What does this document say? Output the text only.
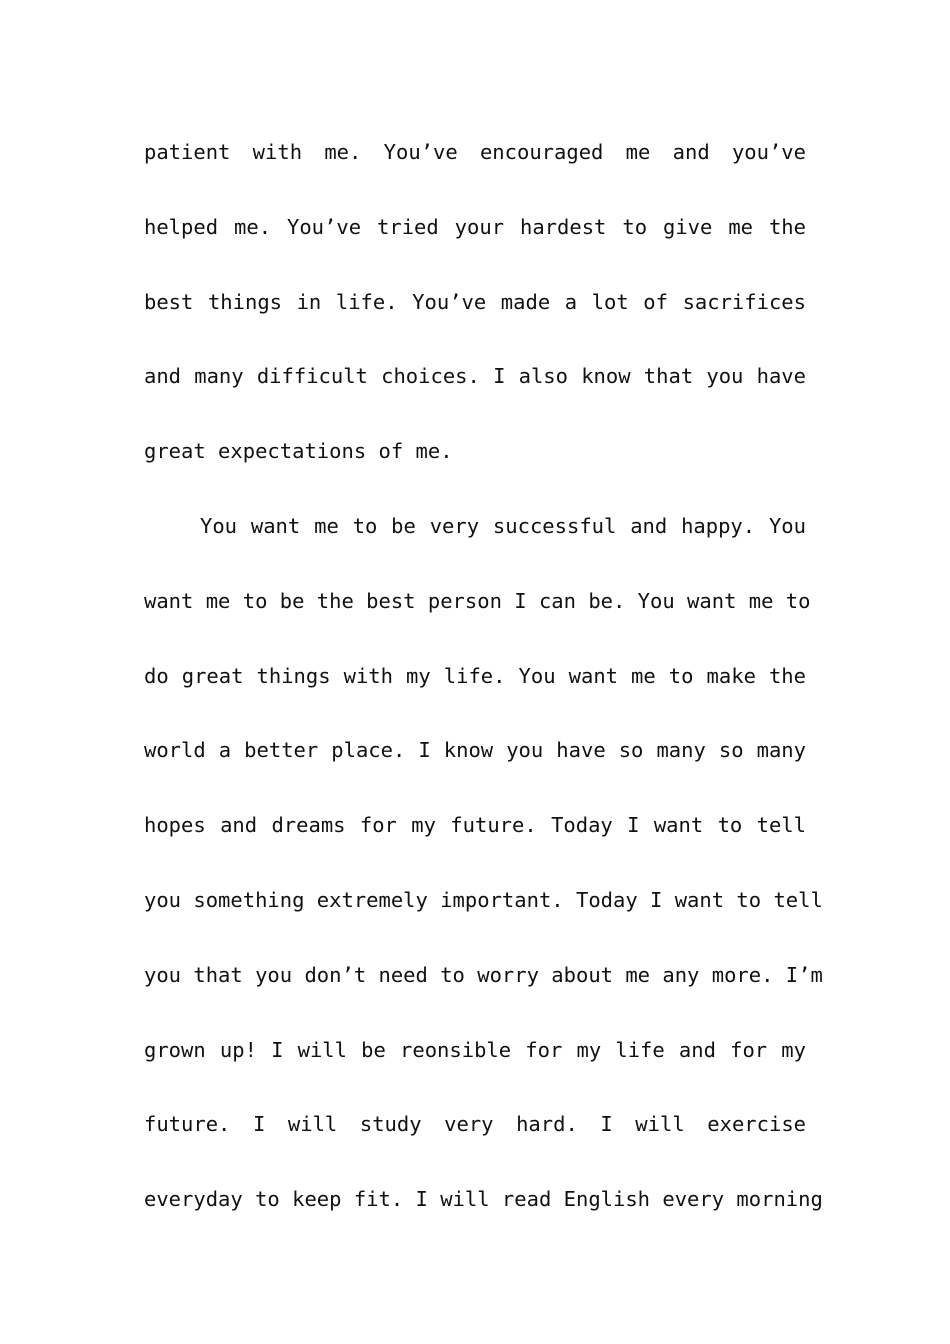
patient with me. You’ve encouraged me and you’ve
helped me. You’ve tried your hardest to give me the
best things in life. You’ve made a lot of sacrifices
and many difficult choices. I also know that you have
great expectations of me.
You want me to be very successful and happy. You
want me to be the best person I can be. You want me to
do great things with my life. You want me to make the
world a better place. I know you have so many so many
hopes and dreams for my future. Today I want to tell
you something extremely important. Today I want to tell
you that you don’t need to worry about me any more. I’m
grown up! I will be reonsible for my life and for my
future. I will study very hard. I will exercise
everyday to keep fit. I will read English every morning
